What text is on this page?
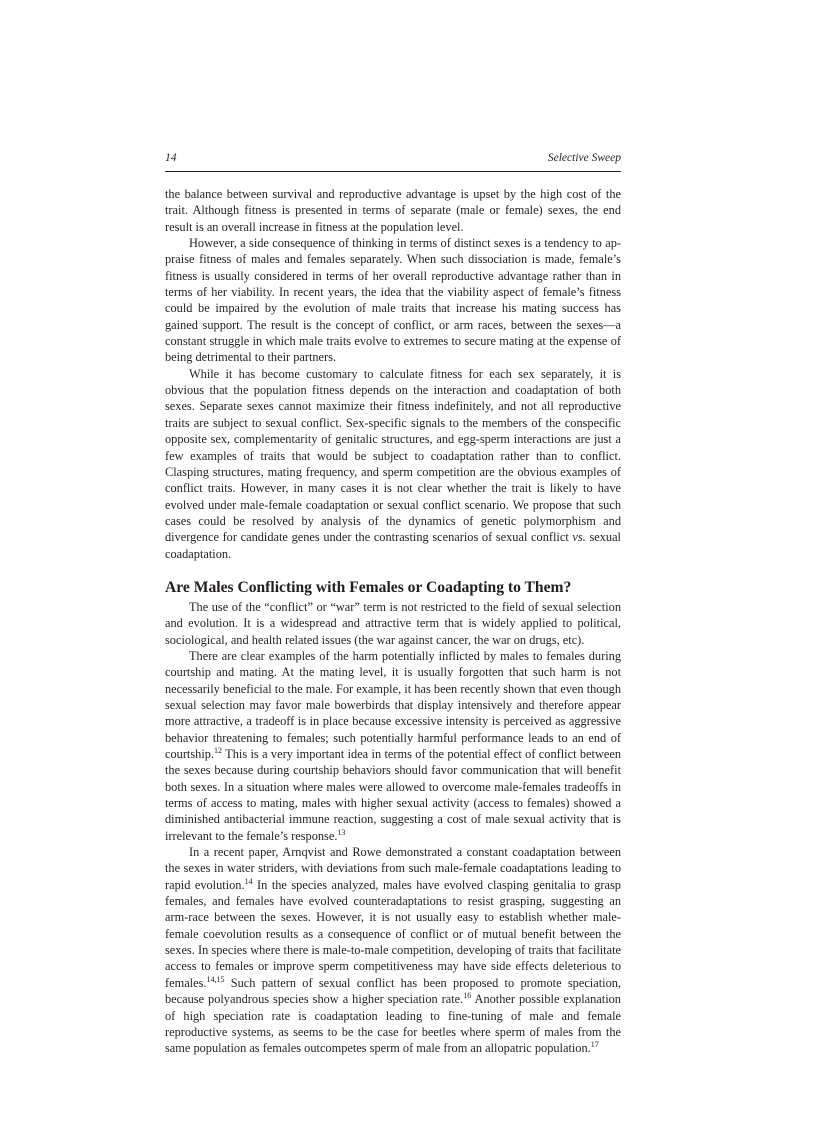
14	Selective Sweep

the balance between survival and reproductive advantage is upset by the high cost of the trait. Although fitness is presented in terms of separate (male or female) sexes, the end result is an overall increase in fitness at the population level.

However, a side consequence of thinking in terms of distinct sexes is a tendency to appraise fitness of males and females separately. When such dissociation is made, female’s fitness is usually considered in terms of her overall reproductive advantage rather than in terms of her viability. In recent years, the idea that the viability aspect of female’s fitness could be impaired by the evolution of male traits that increase his mating success has gained support. The result is the concept of conflict, or arm races, between the sexes—a constant struggle in which male traits evolve to extremes to secure mating at the expense of being detrimental to their partners.

While it has become customary to calculate fitness for each sex separately, it is obvious that the population fitness depends on the interaction and coadaptation of both sexes. Separate sexes cannot maximize their fitness indefinitely, and not all reproductive traits are subject to sexual conflict. Sex-specific signals to the members of the conspecific opposite sex, complementarity of genitalic structures, and egg-sperm interactions are just a few examples of traits that would be subject to coadaptation rather than to conflict. Clasping structures, mating frequency, and sperm competition are the obvious examples of conflict traits. However, in many cases it is not clear whether the trait is likely to have evolved under male-female coadaptation or sexual conflict scenario. We propose that such cases could be resolved by analysis of the dynamics of genetic polymorphism and divergence for candidate genes under the contrasting scenarios of sexual conflict vs. sexual coadaptation.

Are Males Conflicting with Females or Coadapting to Them?

The use of the “conflict” or “war” term is not restricted to the field of sexual selection and evolution. It is a widespread and attractive term that is widely applied to political, sociological, and health related issues (the war against cancer, the war on drugs, etc).

There are clear examples of the harm potentially inflicted by males to females during courtship and mating. At the mating level, it is usually forgotten that such harm is not necessarily beneficial to the male. For example, it has been recently shown that even though sexual selection may favor male bowerbirds that display intensively and therefore appear more attractive, a tradeoff is in place because excessive intensity is perceived as aggressive behavior threatening to females; such potentially harmful performance leads to an end of courtship.$^{12}$ This is a very important idea in terms of the potential effect of conflict between the sexes because during courtship behaviors should favor communication that will benefit both sexes. In a situation where males were allowed to overcome male-females tradeoffs in terms of access to mating, males with higher sexual activity (access to females) showed a diminished antibacterial immune reaction, suggesting a cost of male sexual activity that is irrelevant to the female’s response.$^{13}$

In a recent paper, Arnqvist and Rowe demonstrated a constant coadaptation between the sexes in water striders, with deviations from such male-female coadaptations leading to rapid evolution.$^{14}$ In the species analyzed, males have evolved clasping genitalia to grasp females, and females have evolved counteradaptations to resist grasping, suggesting an arm-race between the sexes. However, it is not usually easy to establish whether male-female coevolution results as a consequence of conflict or of mutual benefit between the sexes. In species where there is male-to-male competition, developing of traits that facilitate access to females or improve sperm competitiveness may have side effects deleterious to females.$^{14,15}$ Such pattern of sexual conflict has been proposed to promote speciation, because polyandrous species show a higher speciation rate.$^{16}$ Another possible explanation of high speciation rate is coadaptation leading to fine-tuning of male and female reproductive systems, as seems to be the case for beetles where sperm of males from the same population as females outcompetes sperm of male from an allopatric population.$^{17}$
